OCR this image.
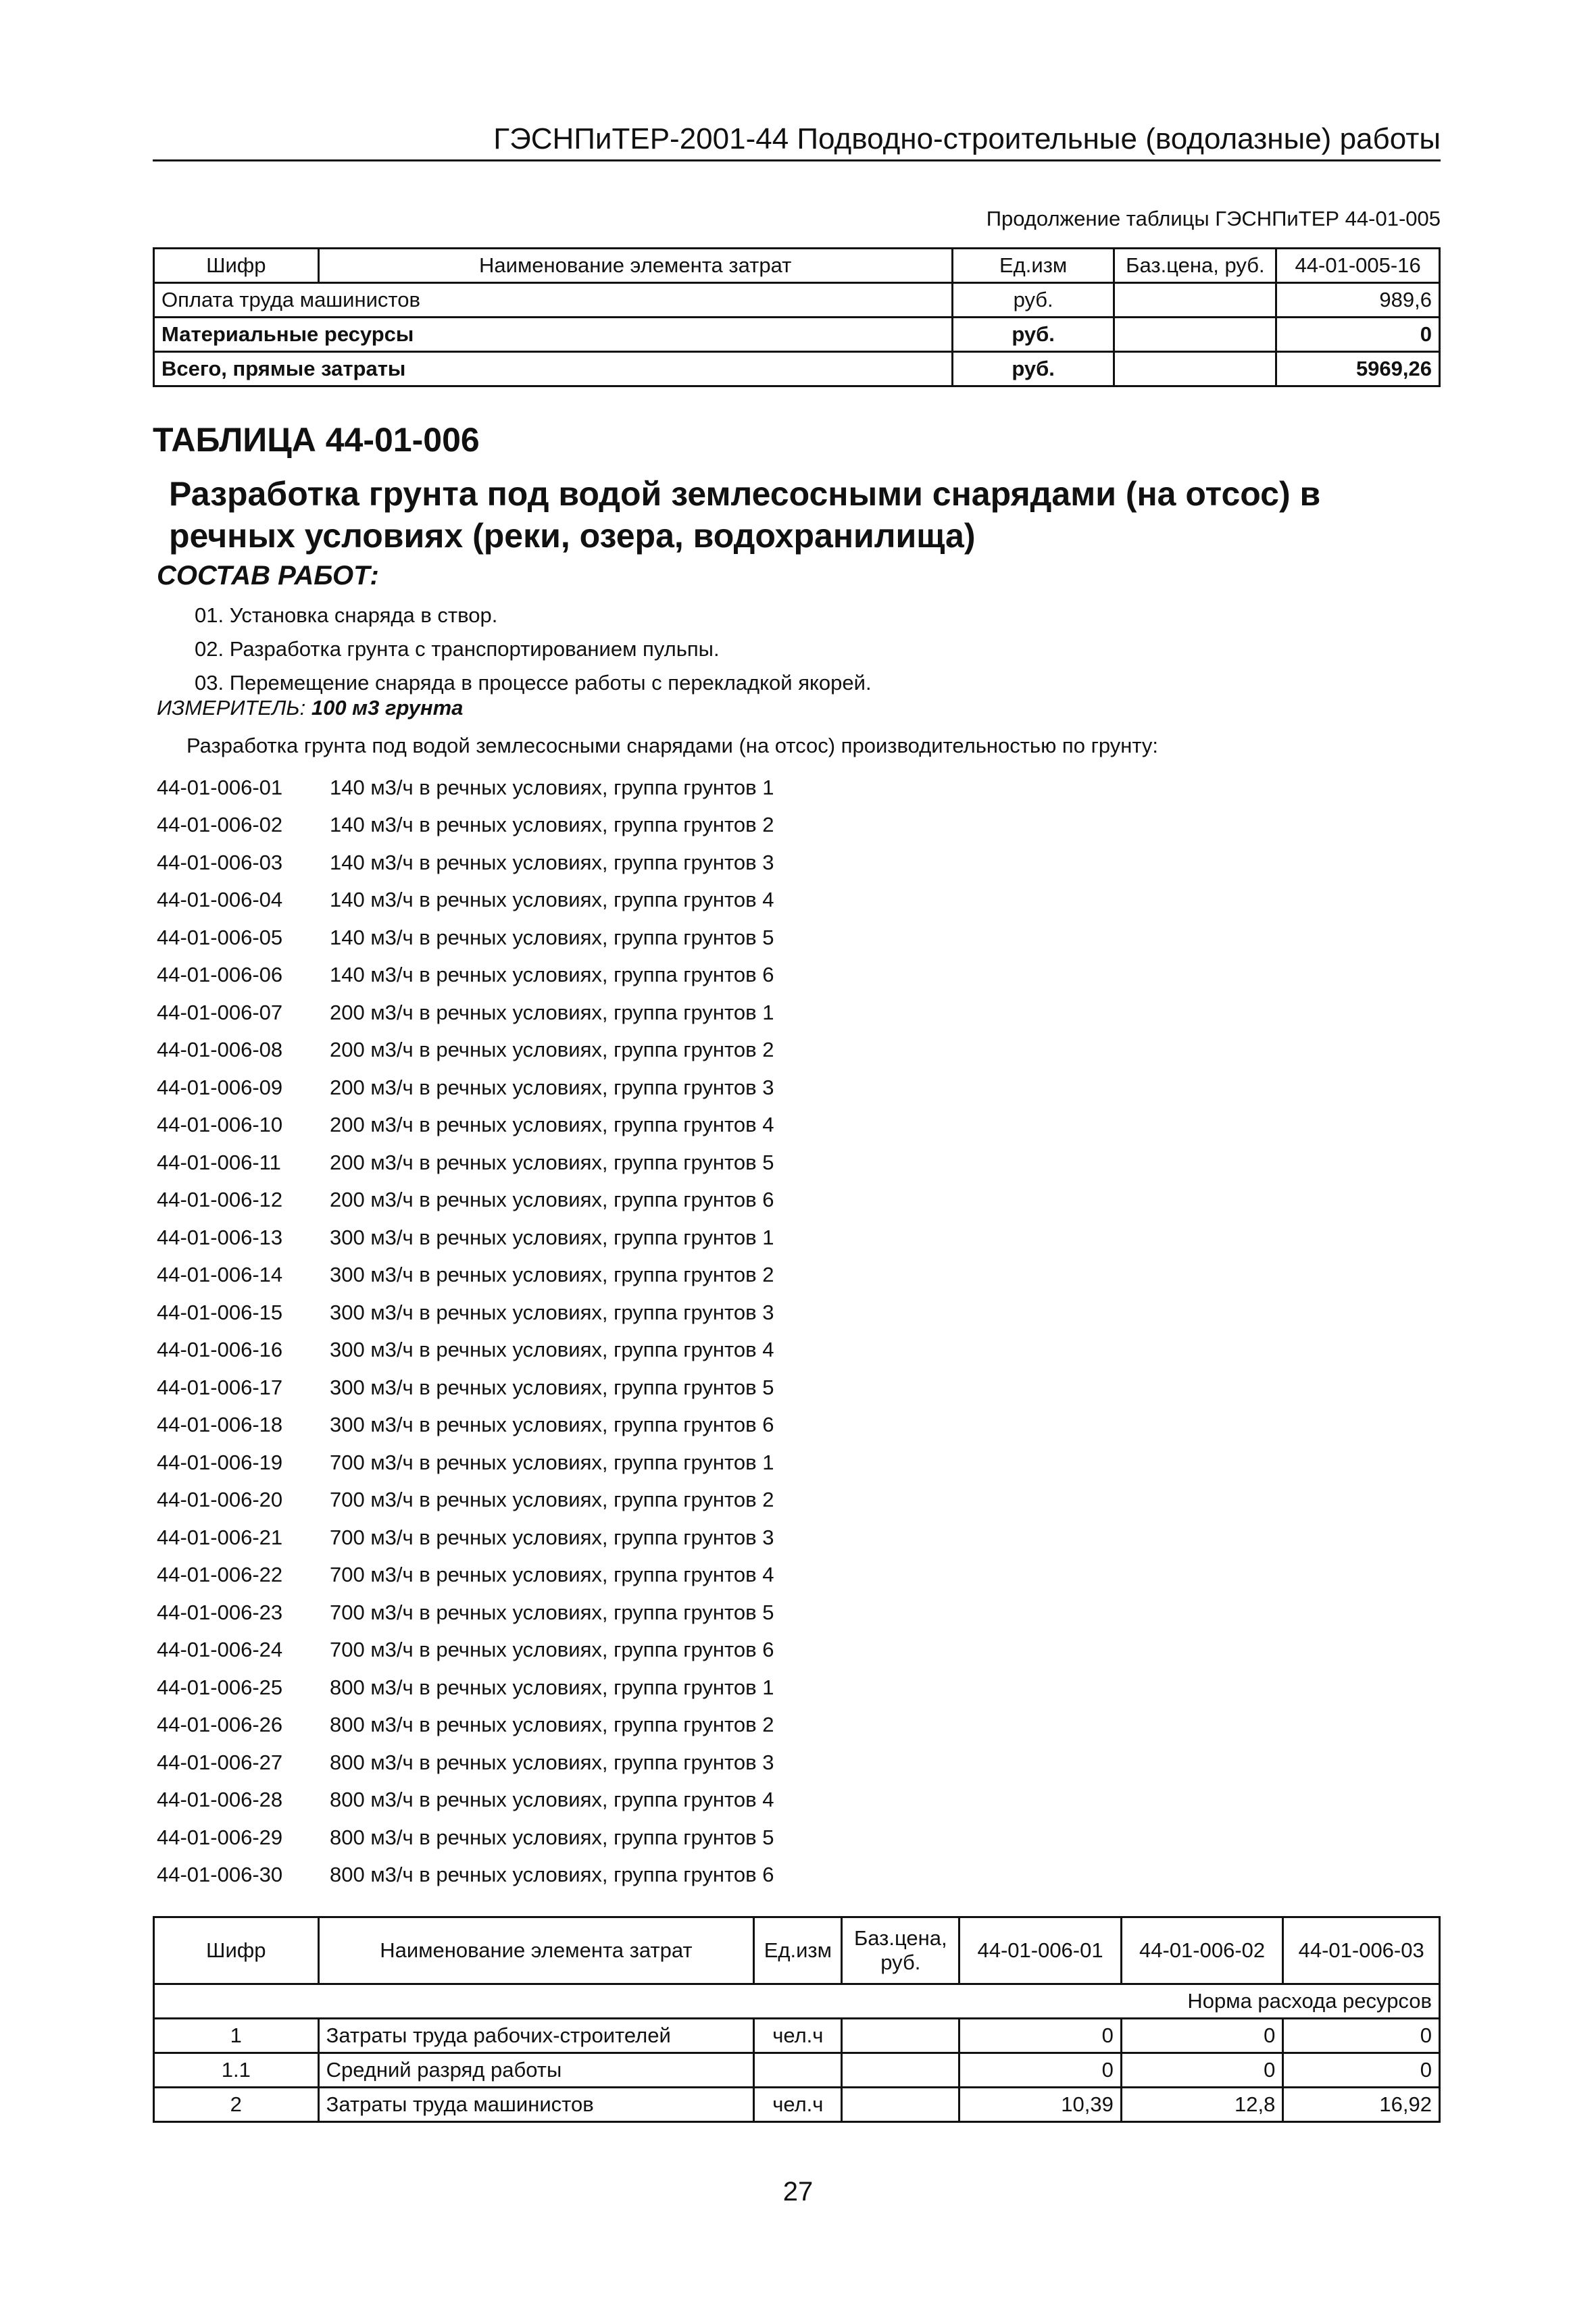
ГЭСНПиТЕР-2001-44 Подводно-строительные (водолазные) работы
Продолжение таблицы ГЭСНПиТЕР 44-01-005
Шифр	Наименование элемента затрат	Ед.изм	Баз.цена, руб.	44-01-005-16
Оплата труда машинистов		руб.		989,6
Материальные ресурсы		руб.		0
Всего, прямые затраты		руб.		5969,26
ТАБЛИЦА 44-01-006
Разработка грунта под водой землесосными снарядами (на отсос) в речных условиях (реки, озера, водохранилища)
СОСТАВ РАБОТ:
01. Установка снаряда в створ.
02. Разработка грунта с транспортированием пульпы.
03. Перемещение снаряда в процессе работы с перекладкой якорей.
ИЗМЕРИТЕЛЬ: 100 м3 грунта
Разработка грунта под водой землесосными снарядами (на отсос) производительностью по грунту:
44-01-006-01	140 м3/ч в речных условиях, группа грунтов 1
44-01-006-02	140 м3/ч в речных условиях, группа грунтов 2
44-01-006-03	140 м3/ч в речных условиях, группа грунтов 3
44-01-006-04	140 м3/ч в речных условиях, группа грунтов 4
44-01-006-05	140 м3/ч в речных условиях, группа грунтов 5
44-01-006-06	140 м3/ч в речных условиях, группа грунтов 6
44-01-006-07	200 м3/ч в речных условиях, группа грунтов 1
44-01-006-08	200 м3/ч в речных условиях, группа грунтов 2
44-01-006-09	200 м3/ч в речных условиях, группа грунтов 3
44-01-006-10	200 м3/ч в речных условиях, группа грунтов 4
44-01-006-11	200 м3/ч в речных условиях, группа грунтов 5
44-01-006-12	200 м3/ч в речных условиях, группа грунтов 6
44-01-006-13	300 м3/ч в речных условиях, группа грунтов 1
44-01-006-14	300 м3/ч в речных условиях, группа грунтов 2
44-01-006-15	300 м3/ч в речных условиях, группа грунтов 3
44-01-006-16	300 м3/ч в речных условиях, группа грунтов 4
44-01-006-17	300 м3/ч в речных условиях, группа грунтов 5
44-01-006-18	300 м3/ч в речных условиях, группа грунтов 6
44-01-006-19	700 м3/ч в речных условиях, группа грунтов 1
44-01-006-20	700 м3/ч в речных условиях, группа грунтов 2
44-01-006-21	700 м3/ч в речных условиях, группа грунтов 3
44-01-006-22	700 м3/ч в речных условиях, группа грунтов 4
44-01-006-23	700 м3/ч в речных условиях, группа грунтов 5
44-01-006-24	700 м3/ч в речных условиях, группа грунтов 6
44-01-006-25	800 м3/ч в речных условиях, группа грунтов 1
44-01-006-26	800 м3/ч в речных условиях, группа грунтов 2
44-01-006-27	800 м3/ч в речных условиях, группа грунтов 3
44-01-006-28	800 м3/ч в речных условиях, группа грунтов 4
44-01-006-29	800 м3/ч в речных условиях, группа грунтов 5
44-01-006-30	800 м3/ч в речных условиях, группа грунтов 6
Шифр	Наименование элемента затрат	Ед.изм	Баз.цена, руб.	44-01-006-01	44-01-006-02	44-01-006-03
Норма расхода ресурсов						
1	Затраты труда рабочих-строителей	чел.ч		0	0	0
1.1	Средний разряд работы			0	0	0
2	Затраты труда машинистов	чел.ч		10,39	12,8	16,92
27
